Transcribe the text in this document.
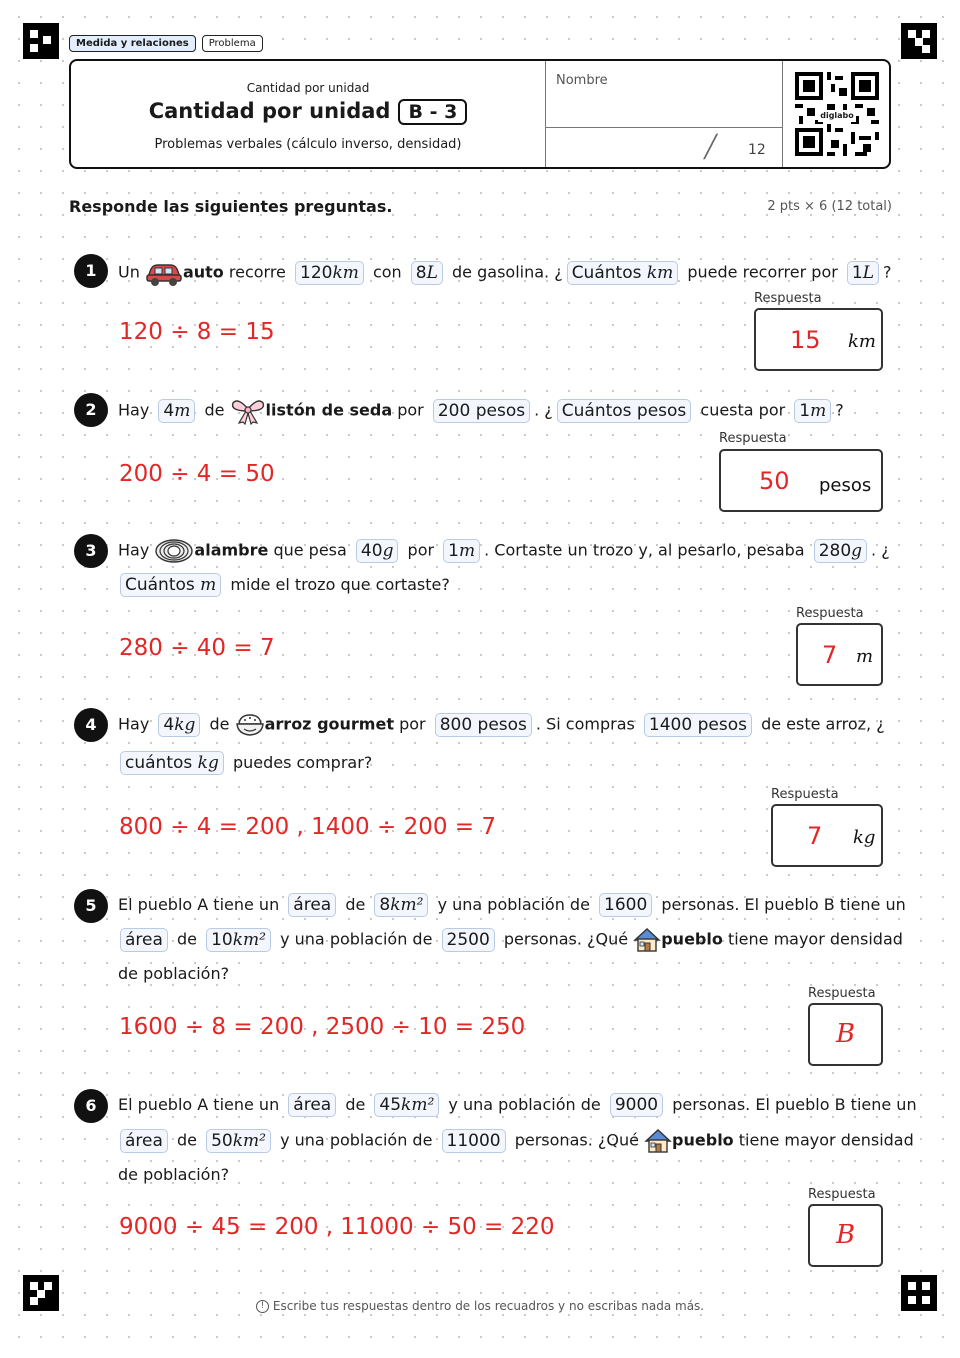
Medida y relaciones	Problema
Cantidad por unidad
Cantidad por unidad B - 3
Problemas verbales (cálculo inverso, densidad)
Nombre
╱ 12
diglabo
Responde las siguientes preguntas.	2 pts × 6 (12 total)
1	Un	auto recorre 120km con 8L de gasolina. ¿ Cuántos km puede recorrer por 1L ?
120 ÷ 8 = 15
Respuesta
15 km
2	Hay 4m de	listón de seda por 200 pesos . ¿ Cuántos pesos cuesta por 1m ?
200 ÷ 4 = 50
Respuesta
50 pesos
3	Hay	alambre que pesa 40g por 1m . Cortaste un trozo y, al pesarlo, pesaba 280g . ¿
Cuántos m mide el trozo que cortaste?
280 ÷ 40 = 7
Respuesta
7 m
4	Hay 4kg de arroz gourmet por 800 pesos . Si compras 1400 pesos de este arroz, ¿
cuántos kg puedes comprar?
800 ÷ 4 = 200 , 1400 ÷ 200 = 7
Respuesta
7 kg
5	El pueblo A tiene un área de 8km² y una población de 1600 personas. El pueblo B tiene un
área de 10km² y una población de 2500 personas. ¿Qué pueblo tiene mayor densidad
de población?
1600 ÷ 8 = 200 , 2500 ÷ 10 = 250
Respuesta
B
6	El pueblo A tiene un área de 45km² y una población de 9000 personas. El pueblo B tiene un
área de 50km² y una población de 11000 personas. ¿Qué pueblo tiene mayor densidad
de población?
9000 ÷ 45 = 200 , 11000 ÷ 50 = 220
Respuesta
B
! Escribe tus respuestas dentro de los recuadros y no escribas nada más.
